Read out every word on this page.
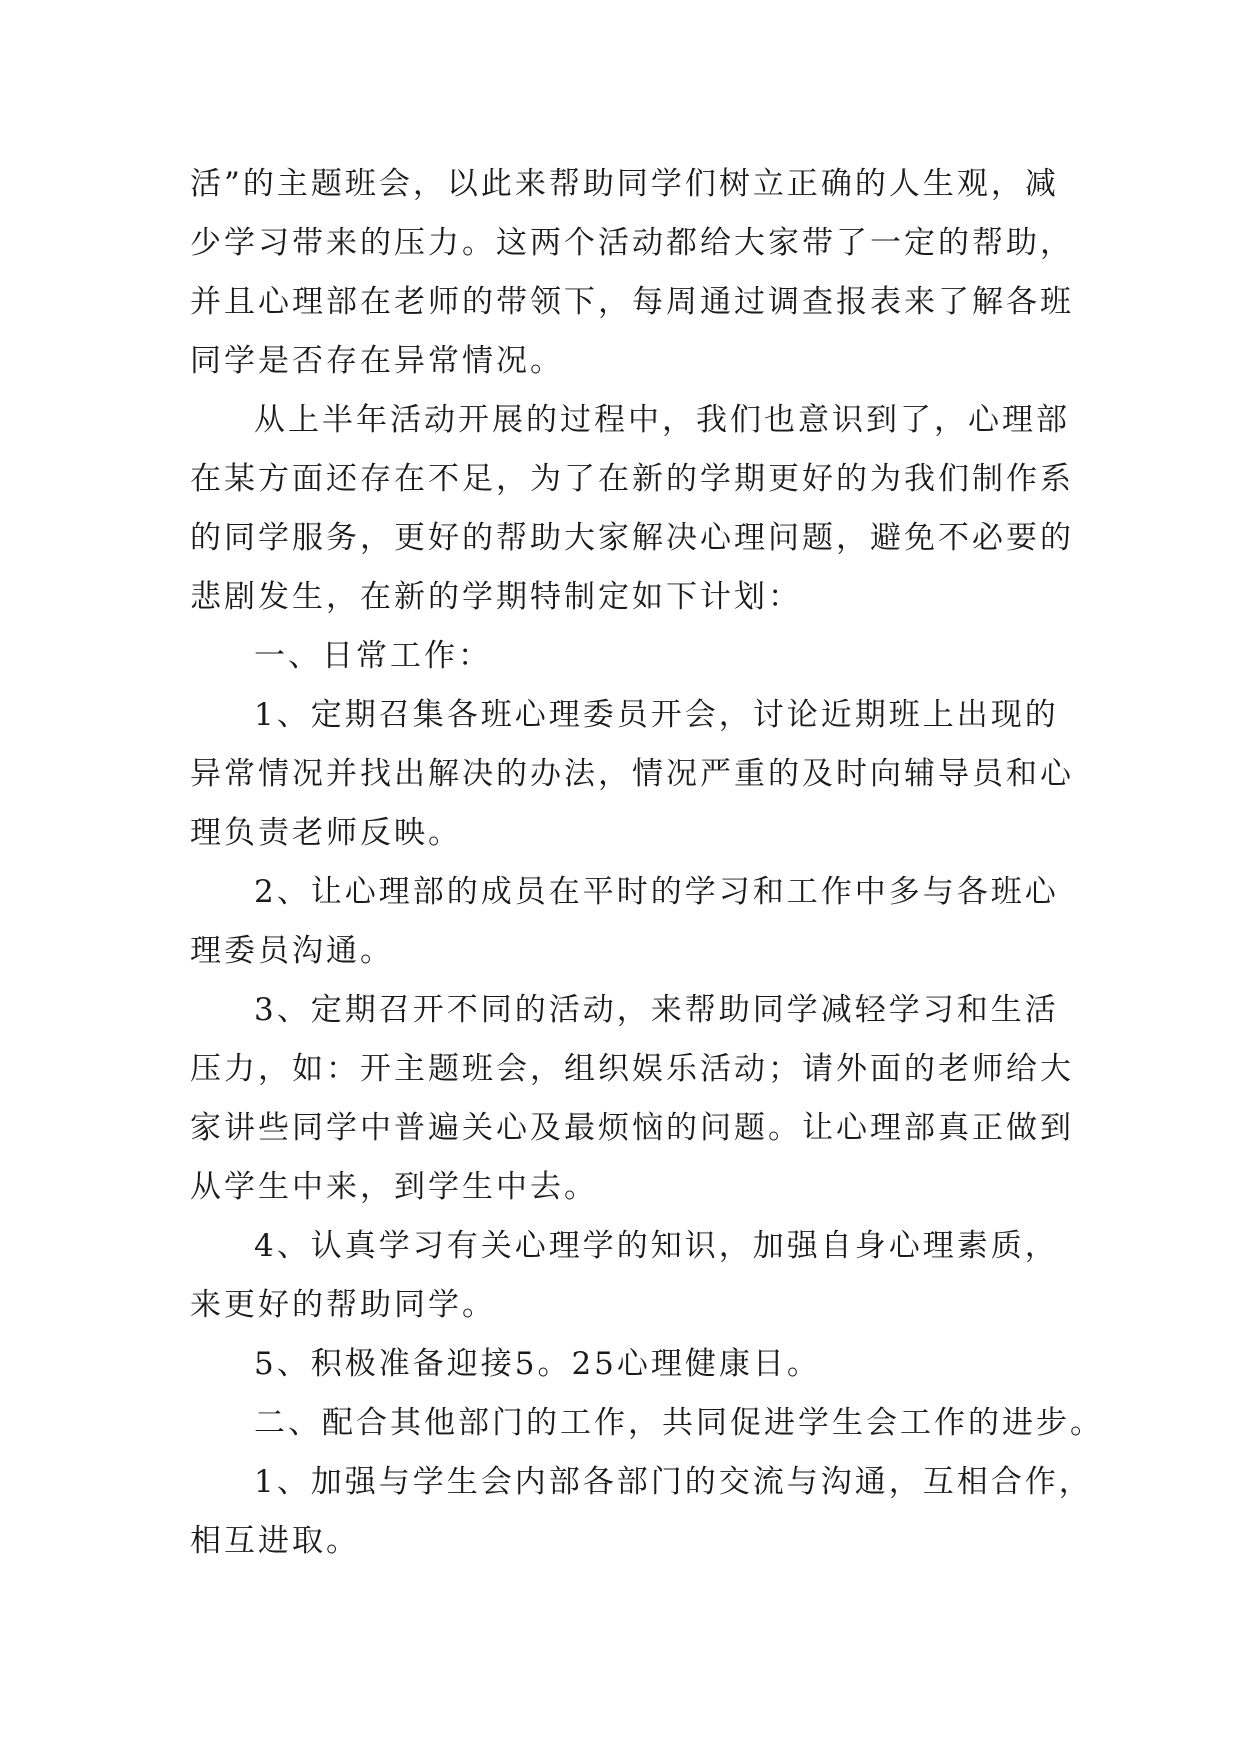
活”的主题班会，以此来帮助同学们树立正确的人生观，减
少学习带来的压力。这两个活动都给大家带了一定的帮助，
并且心理部在老师的带领下，每周通过调查报表来了解各班
同学是否存在异常情况。
从上半年活动开展的过程中，我们也意识到了，心理部
在某方面还存在不足，为了在新的学期更好的为我们制作系
的同学服务，更好的帮助大家解决心理问题，避免不必要的
悲剧发生，在新的学期特制定如下计划：
一、日常工作：
1、定期召集各班心理委员开会，讨论近期班上出现的
异常情况并找出解决的办法，情况严重的及时向辅导员和心
理负责老师反映。
2、让心理部的成员在平时的学习和工作中多与各班心
理委员沟通。
3、定期召开不同的活动，来帮助同学减轻学习和生活
压力，如：开主题班会，组织娱乐活动；请外面的老师给大
家讲些同学中普遍关心及最烦恼的问题。让心理部真正做到
从学生中来，到学生中去。
4、认真学习有关心理学的知识，加强自身心理素质，
来更好的帮助同学。
5、积极准备迎接5。25心理健康日。
二、配合其他部门的工作，共同促进学生会工作的进步。
1、加强与学生会内部各部门的交流与沟通，互相合作，
相互进取。
